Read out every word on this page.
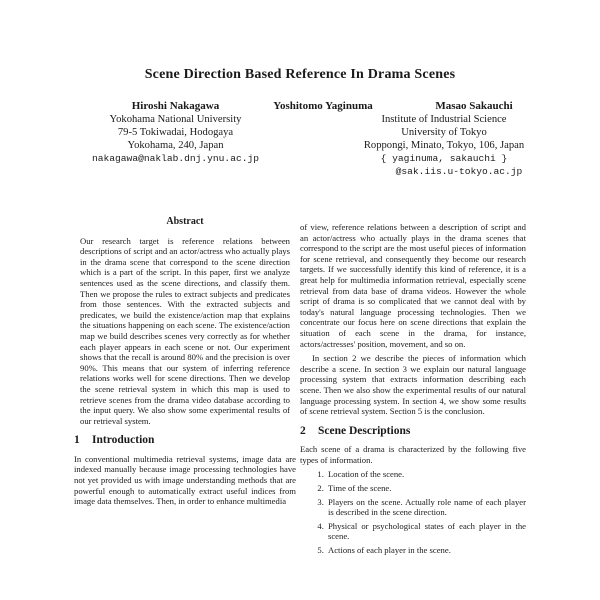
Scene Direction Based Reference In Drama Scenes
Hiroshi Nakagawa
Yokohama National University
79-5 Tokiwadai, Hodogaya
Yokohama, 240, Japan
nakagawa@naklab.dnj.ynu.ac.jp
Yoshitomo Yaginuma	Masao Sakauchi
Institute of Industrial Science
University of Tokyo
Roppongi, Minato, Tokyo, 106, Japan
{ yaginuma, sakauchi }
@sak.iis.u-tokyo.ac.jp
Abstract

Our research target is reference relations between descriptions of script and an actor/actress who actually plays in the drama scene that correspond to the scene direction which is a part of the script. In this paper, first we analyze sentences used as the scene directions, and classify them. Then we propose the rules to extract subjects and predicates from those sentences. With the extracted subjects and predicates, we build the existence/action map that explains the situations happening on each scene. The existence/action map we build describes scenes very correctly as for whether each player appears in each scene or not. Our experiment shows that the recall is around 80% and the precision is over 90%. This means that our system of inferring reference relations works well for scene directions. Then we develop the scene retrieval system in which this map is used to retrieve scenes from the drama video database according to the input query. We also show some experimental results of our retrieval system.

1 Introduction

In conventional multimedia retrieval systems, image data are indexed manually because image processing technologies have not yet provided us with image understanding methods that are powerful enough to automatically extract useful indices from image data themselves. Then, in order to enhance multimedia

of view, reference relations between a description of script and an actor/actress who actually plays in the drama scenes that correspond to the script are the most useful pieces of information for scene retrieval, and consequently they become our research targets. If we successfully identify this kind of reference, it is a great help for multimedia information retrieval, especially scene retrieval from data base of drama videos. However the whole script of drama is so complicated that we cannot deal with by today's natural language processing technologies. Then we concentrate our focus here on scene directions that explain the situation of each scene in the drama, for instance, actors/actresses' position, movement, and so on.

In section 2 we describe the pieces of information which describe a scene. In section 3 we explain our natural language processing system that extracts information describing each scene. Then we also show the experimental results of our natural language processing system. In section 4, we show some results of scene retrieval system. Section 5 is the conclusion.

2 Scene Descriptions

Each scene of a drama is characterized by the following five types of information.

1. Location of the scene.
2. Time of the scene.
3. Players on the scene. Actually role name of each player is described in the scene direction.
4. Physical or psychological states of each player in the scene.
5. Actions of each player in the scene.
